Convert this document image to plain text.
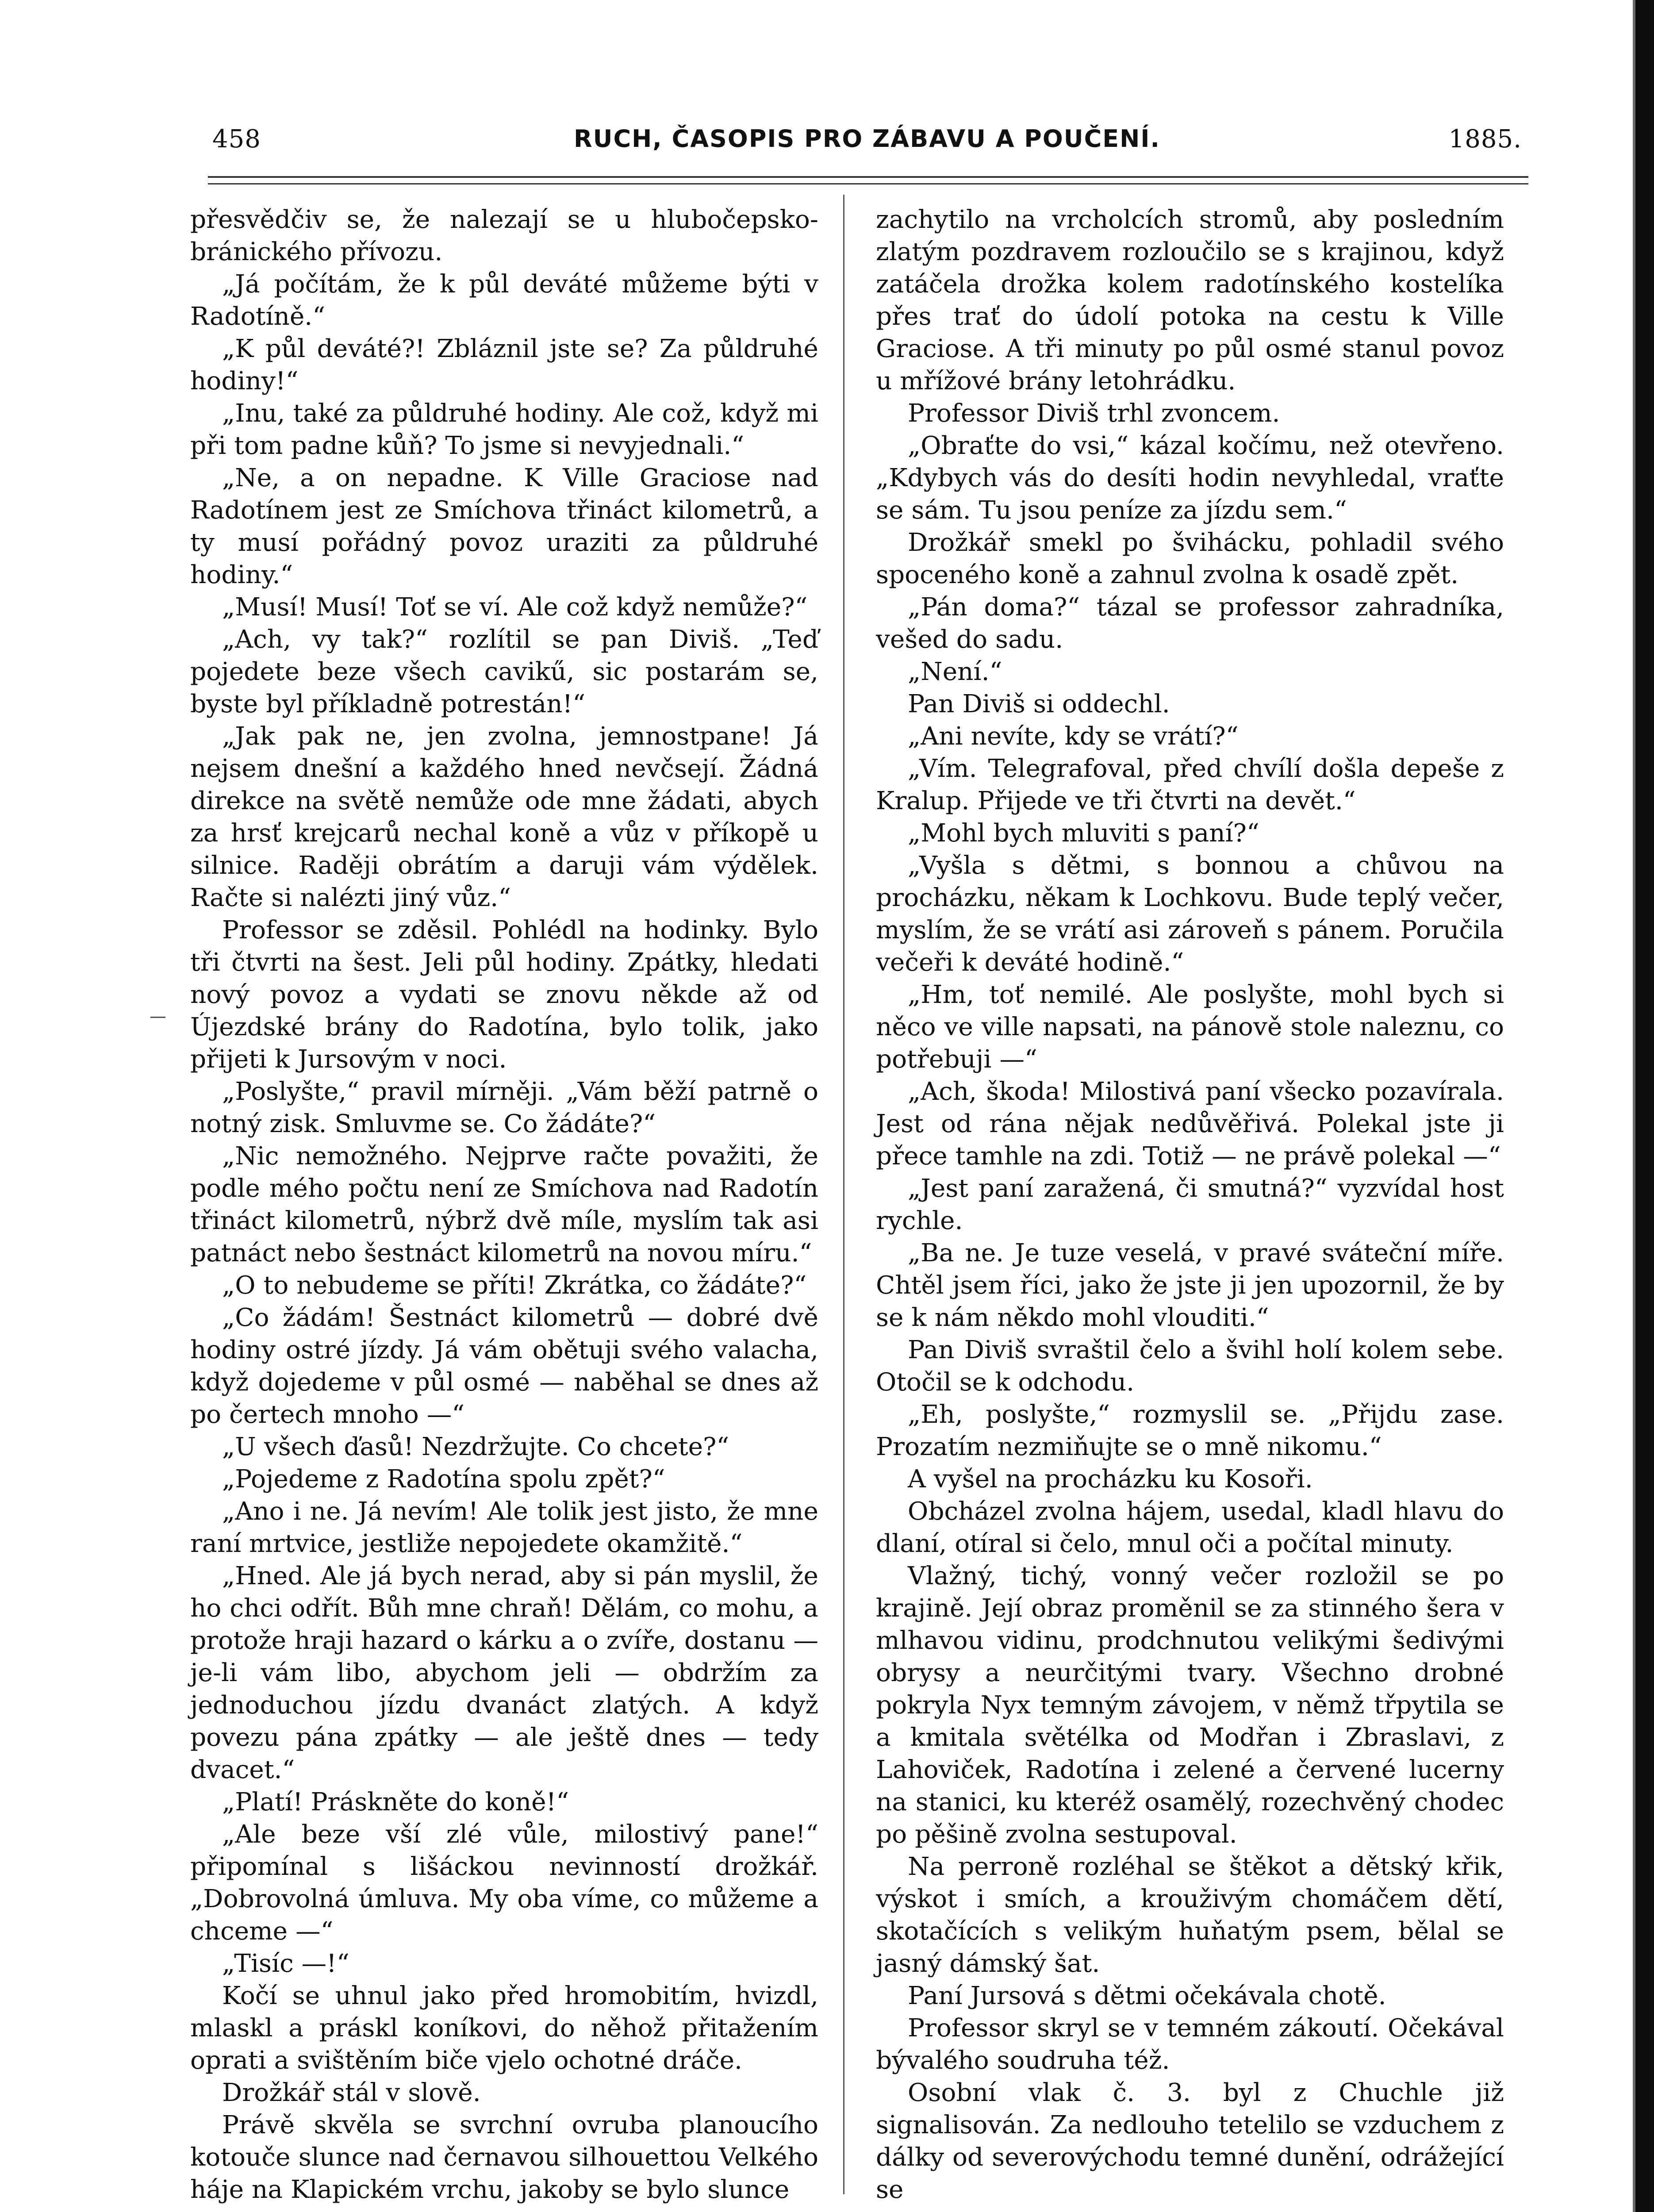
458	RUCH, ČASOPIS PRO ZÁBAVU A POUČENÍ.	1885.

přesvědčiv se, že nalezají se u hlubočepsko-bránického přívozu.

„Já počítám, že k půl deváté můžeme býti v Radotíně.“

„K půl deváté?! Zbláznil jste se? Za půldruhé hodiny!“

„Inu, také za půldruhé hodiny. Ale což, když mi při tom padne kůň? To jsme si nevyjednali.“

„Ne, a on nepadne. K Ville Graciose nad Radotínem jest ze Smíchova třináct kilometrů, a ty musí pořádný povoz uraziti za půldruhé hodiny.“

„Musí! Musí! Toť se ví. Ale což když nemůže?“

„Ach, vy tak?“ rozlítil se pan Diviš. „Teď pojedete beze všech cavikű, sic postarám se, byste byl příkladně potrestán!“

„Jak pak ne, jen zvolna, jemnostpane! Já nejsem dnešní a každého hned nevčsejí. Žádná direkce na světě nemůže ode mne žádati, abych za hrsť krejcarů nechal koně a vůz v příkopě u silnice. Raději obrátím a daruji vám výdělek. Račte si nalézti jiný vůz.“

Professor se zděsil. Pohlédl na hodinky. Bylo tři čtvrti na šest. Jeli půl hodiny. Zpátky, hledati nový povoz a vydati se znovu někde až od Újezdské brány do Radotína, bylo tolik, jako přijeti k Jursovým v noci.

„Poslyšte,“ pravil mírněji. „Vám běží patrně o notný zisk. Smluvme se. Co žádáte?“

„Nic nemožného. Nejprve račte považiti, že podle mého počtu není ze Smíchova nad Radotín třináct kilometrů, nýbrž dvě míle, myslím tak asi patnáct nebo šestnáct kilometrů na novou míru.“

„O to nebudeme se příti! Zkrátka, co žádáte?“

„Co žádám! Šestnáct kilometrů — dobré dvě hodiny ostré jízdy. Já vám obětuji svého valacha, když dojedeme v půl osmé — naběhal se dnes až po čertech mnoho —“

„U všech ďasů! Nezdržujte. Co chcete?“

„Pojedeme z Radotína spolu zpět?“

„Ano i ne. Já nevím! Ale tolik jest jisto, že mne raní mrtvice, jestliže nepojedete okamžitě.“

„Hned. Ale já bych nerad, aby si pán myslil, že ho chci odřít. Bůh mne chraň! Dělám, co mohu, a protože hraji hazard o kárku a o zvíře, dostanu — je-li vám libo, abychom jeli — obdržím za jednoduchou jízdu dvanáct zlatých. A když povezu pána zpátky — ale ještě dnes — tedy dvacet.“

„Platí! Práskněte do koně!“

„Ale beze vší zlé vůle, milostivý pane!“ připomínal s lišáckou nevinností drožkář. „Dobrovolná úmluva. My oba víme, co můžeme a chceme —“

„Tisíc —!“

Kočí se uhnul jako před hromobitím, hvizdl, mlaskl a práskl koníkovi, do něhož přitažením oprati a svištěním biče vjelo ochotné dráče.

Drožkář stál v slově.

Právě skvěla se svrchní ovruba planoucího kotouče slunce nad černavou silhouettou Velkého háje na Klapickém vrchu, jakoby se bylo slunce

zachytilo na vrcholcích stromů, aby posledním zlatým pozdravem rozloučilo se s krajinou, když zatáčela drožka kolem radotínského kostelíka přes trať do údolí potoka na cestu k Ville Graciose. A tři minuty po půl osmé stanul povoz u mřížové brány letohrádku.

Professor Diviš trhl zvoncem.

„Obraťte do vsi,“ kázal kočímu, než otevřeno. „Kdybych vás do desíti hodin nevyhledal, vraťte se sám. Tu jsou peníze za jízdu sem.“

Drožkář smekl po švihácku, pohladil svého spoceného koně a zahnul zvolna k osadě zpět.

„Pán doma?“ tázal se professor zahradníka, vešed do sadu.

„Není.“

Pan Diviš si oddechl.

„Ani nevíte, kdy se vrátí?“

„Vím. Telegrafoval, před chvílí došla depeše z Kralup. Přijede ve tři čtvrti na devět.“

„Mohl bych mluviti s paní?“

„Vyšla s dětmi, s bonnou a chůvou na procházku, někam k Lochkovu. Bude teplý večer, myslím, že se vrátí asi zároveň s pánem. Poručila večeři k deváté hodině.“

„Hm, toť nemilé. Ale poslyšte, mohl bych si něco ve ville napsati, na pánově stole naleznu, co potřebuji —“

„Ach, škoda! Milostivá paní všecko pozavírala. Jest od rána nějak nedůvěřivá. Polekal jste ji přece tamhle na zdi. Totiž — ne právě polekal —“

„Jest paní zaražená, či smutná?“ vyzvídal host rychle.

„Ba ne. Je tuze veselá, v pravé sváteční míře. Chtěl jsem říci, jako že jste ji jen upozornil, že by se k nám někdo mohl vlouditi.“

Pan Diviš svraštil čelo a švihl holí kolem sebe. Otočil se k odchodu.

„Eh, poslyšte,“ rozmyslil se. „Přijdu zase. Prozatím nezmiňujte se o mně nikomu.“

A vyšel na procházku ku Kosoři.

Obcházel zvolna hájem, usedal, kladl hlavu do dlaní, otíral si čelo, mnul oči a počítal minuty.

Vlažný, tichý, vonný večer rozložil se po krajině. Její obraz proměnil se za stinného šera v mlhavou vidinu, prodchnutou velikými šedivými obrysy a neurčitými tvary. Všechno drobné pokryla Nyx temným závojem, v němž třpytila se a kmitala světélka od Modřan i Zbraslavi, z Lahoviček, Radotína i zelené a červené lucerny na stanici, ku kteréž osamělý, rozechvěný chodec po pěšině zvolna sestupoval.

Na perroně rozléhal se štěkot a dětský křik, výskot i smích, a krouživým chomáčem dětí, skotačících s velikým huňatým psem, bělal se jasný dámský šat.

Paní Jursová s dětmi očekávala chotě.

Professor skryl se v temném zákoutí. Očekával bývalého soudruha též.

Osobní vlak č. 3. byl z Chuchle již signalisován. Za nedlouho tetelilo se vzduchem z dálky od severovýchodu temné dunění, odrážející se
